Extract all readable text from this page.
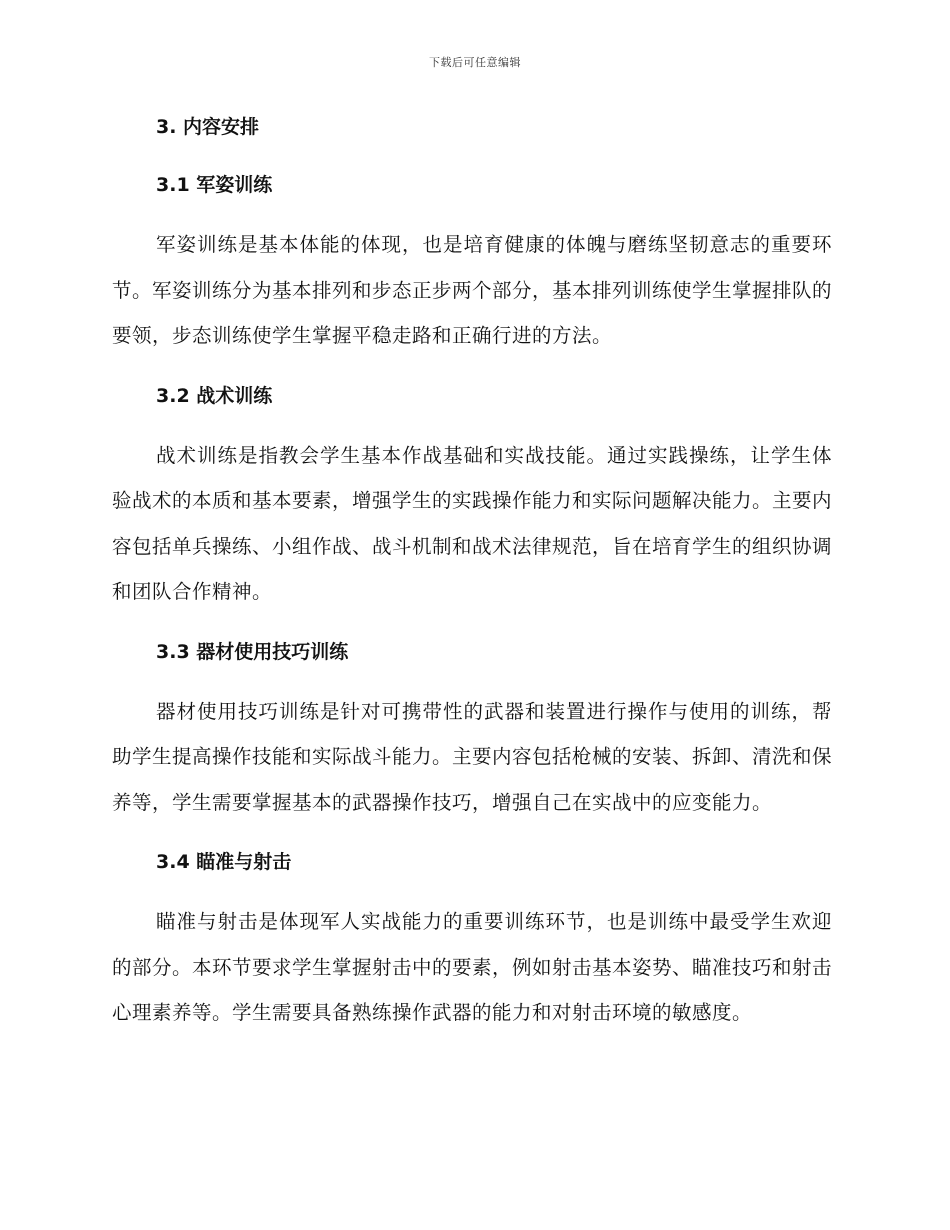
下载后可任意编辑
3. 内容安排
3.1 军姿训练

军姿训练是基本体能的体现，也是培育健康的体魄与磨练坚韧意志的重要环节。军姿训练分为基本排列和步态正步两个部分，基本排列训练使学生掌握排队的要领，步态训练使学生掌握平稳走路和正确行进的方法。

3.2 战术训练

战术训练是指教会学生基本作战基础和实战技能。通过实践操练，让学生体验战术的本质和基本要素，增强学生的实践操作能力和实际问题解决能力。主要内容包括单兵操练、小组作战、战斗机制和战术法律规范，旨在培育学生的组织协调和团队合作精神。

3.3 器材使用技巧训练

器材使用技巧训练是针对可携带性的武器和装置进行操作与使用的训练，帮助学生提高操作技能和实际战斗能力。主要内容包括枪械的安装、拆卸、清洗和保养等，学生需要掌握基本的武器操作技巧，增强自己在实战中的应变能力。

3.4 瞄准与射击

瞄准与射击是体现军人实战能力的重要训练环节，也是训练中最受学生欢迎的部分。本环节要求学生掌握射击中的要素，例如射击基本姿势、瞄准技巧和射击心理素养等。学生需要具备熟练操作武器的能力和对射击环境的敏感度。
